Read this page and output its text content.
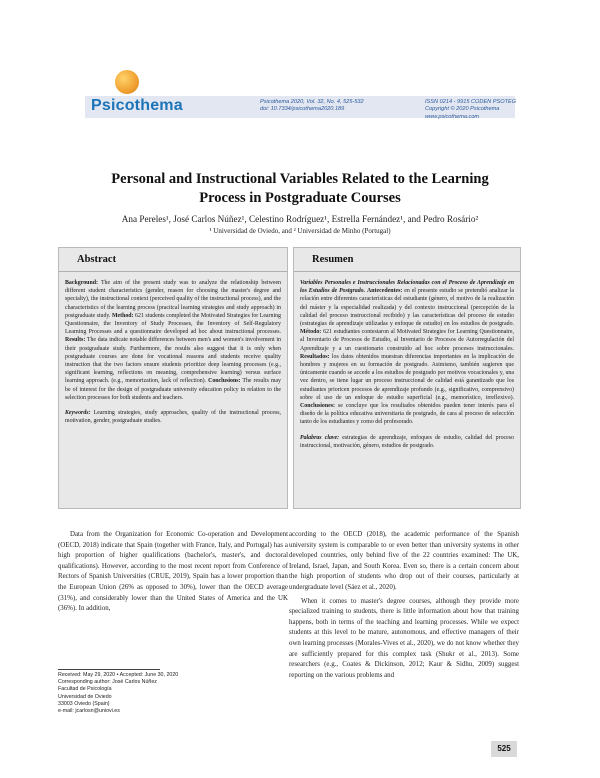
Psicothema	Psicothema 2020, Vol. 32, No. 4, 525-532
doi: 10.7334/psicothema2020.189
ISSN 0214 - 9915 CODEN PSOTEG
Copyright © 2020 Psicothema
www.psicothema.com
Personal and Instructional Variables Related to the Learning Process in Postgraduate Courses
Ana Pereles¹, José Carlos Núñez¹, Celestino Rodríguez¹, Estrella Fernández¹, and Pedro Rosário²
¹ Universidad de Oviedo, and ² Universidad de Minho (Portugal)
Abstract

Background: The aim of the present study was to analyze the relationship between different student characteristics (gender, reason for choosing the master's degree and specialty), the instructional context (perceived quality of the instructional process), and the characteristics of the learning process (practical learning strategies and study approach) in postgraduate study. Method: 621 students completed the Motivated Strategies for Learning Questionnaire, the Inventory of Study Processes, the Inventory of Self-Regulatory Learning Processes and a questionnaire developed ad hoc about instructional processes. Results: The data indicate notable differences between men's and women's involvement in their postgraduate study. Furthermore, the results also suggest that it is only when postgraduate courses are done for vocational reasons and students receive quality instruction that the two factors ensure students prioritize deep learning processes (e.g., significant learning, reflections on meaning, comprehensive learning) versus surface learning approach. (e.g., memorization, lack of reflection). Conclusions: The results may be of interest for the design of postgraduate university education policy in relation to the selection processes for both students and teachers.

Keywords: Learning strategies, study approaches, quality of the instructional process, motivation, gender, postgraduate studies.

Resumen

Variables Personales e Instruccionales Relacionadas con el Proceso de Aprendizaje en los Estudios de Postgrado. Antecedentes: en el presente estudio se pretendió analizar la relación entre diferentes características del estudiante (género, el motivo de la realización del máster y la especialidad realizada) y del contexto instruccional (percepción de la calidad del proceso instruccional recibido) y las características del proceso de estudio (estrategias de aprendizaje utilizadas y enfoque de estudio) en los estudios de postgrado. Método: 621 estudiantes contestaron al Motivated Strategies for Learning Questionnaire, al Inventario de Procesos de Estudio, al Inventario de Procesos de Autorregulación del Aprendizaje y a un cuestionario construido ad hoc sobre procesos instruccionales. Resultados: los datos obtenidos muestran diferencias importantes en la implicación de hombres y mujeres en su formación de postgrado. Asimismo, también sugieren que únicamente cuando se accede a los estudios de postgrado por motivos vocacionales y, una vez dentro, se tiene lugar un proceso instruccional de calidad está garantizado que los estudiantes prioricen procesos de aprendizaje profundo (e.g., significativo, comprensivo) sobre el uso de un enfoque de estudio superficial (e.g., memorístico, irreflexivo). Conclusiones: se concluye que los resultados obtenidos pueden tener interés para el diseño de la política educativa universitaria de postgrado, de cara al proceso de selección tanto de los estudiantes y como del profesorado.

Palabras clave: estrategias de aprendizaje, enfoques de estudio, calidad del proceso instruccional, motivación, género, estudios de postgrado.

Data from the Organization for Economic Co-operation and Development (OECD, 2018) indicate that Spain (together with France, Italy, and Portugal) has a high proportion of higher qualifications (bachelor's, master's, and doctoral qualifications). However, according to the most recent report from Conference of Rectors of Spanish Universities (CRUE, 2019), Spain has a lower proportion than the European Union (26% as opposed to 30%), lower than the OECD average (31%), and considerably lower than the United States of America and the UK (36%). In addition,

according to the OECD (2018), the academic performance of the Spanish university system is comparable to or even better than university systems in other developed countries, only behind five of the 22 countries examined: The UK, Ireland, Israel, Japan, and South Korea. Even so, there is a certain concern about the high proportion of students who drop out of their courses, particularly at undergraduate level (Sáez et al., 2020).

When it comes to master's degree courses, although they provide more specialized training to students, there is little information about how that training happens, both in terms of the teaching and learning processes. While we expect students at this level to be mature, autonomous, and effective managers of their own learning processes (Morales-Vives et al., 2020), we do not know whether they are sufficiently prepared for this complex task (Shukr et al., 2013). Some researchers (e.g., Coates & Dickinson, 2012; Kaur & Sidhu, 2009) suggest reporting on the various problems and

Received: May 29, 2020 • Accepted: June 30, 2020
Corresponding author: José Carlos Núñez
Facultad de Psicología
Universidad de Oviedo
33003 Oviedo (Spain)
e-mail: jcarlosn@uniovi.es
525
